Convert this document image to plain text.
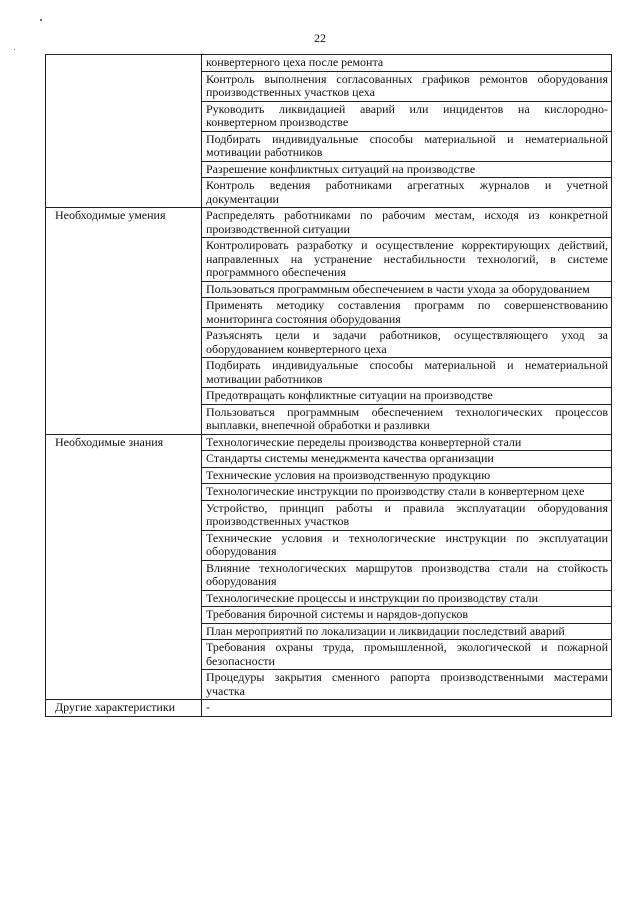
22
	конвертерного цеха после ремонта
	Контроль выполнения согласованных графиков ремонтов оборудования производственных участков цеха
	Руководить ликвидацией аварий или инцидентов на кислородно-конвертерном производстве
	Подбирать индивидуальные способы материальной и нематериальной мотивации работников
	Разрешение конфликтных ситуаций на производстве
	Контроль ведения работниками агрегатных журналов и учетной документации
Необходимые умения	Распределять работниками по рабочим местам, исходя из конкретной производственной ситуации
	Контролировать разработку и осуществление корректирующих действий, направленных на устранение нестабильности технологий, в системе программного обеспечения
	Пользоваться программным обеспечением в части ухода за оборудованием
	Применять методику составления программ по совершенствованию мониторинга состояния оборудования
	Разъяснять цели и задачи работников, осуществляющего уход за оборудованием конвертерного цеха
	Подбирать индивидуальные способы материальной и нематериальной мотивации работников
	Предотвращать конфликтные ситуации на производстве
	Пользоваться программным обеспечением технологических процессов выплавки, внепечной обработки и разливки
Необходимые знания	Технологические переделы производства конвертерной стали
	Стандарты системы менеджмента качества организации
	Технические условия на производственную продукцию
	Технологические инструкции по производству стали в конвертерном цехе
	Устройство, принцип работы и правила эксплуатации оборудования производственных участков
	Технические условия и технологические инструкции по эксплуатации оборудования
	Влияние технологических маршрутов производства стали на стойкость оборудования
	Технологические процессы и инструкции по производству стали
	Требования бирочной системы и нарядов-допусков
	План мероприятий по локализации и ликвидации последствий аварий
	Требования охраны труда, промышленной, экологической и пожарной безопасности
	Процедуры закрытия сменного рапорта производственными мастерами участка
Другие характеристики	-
